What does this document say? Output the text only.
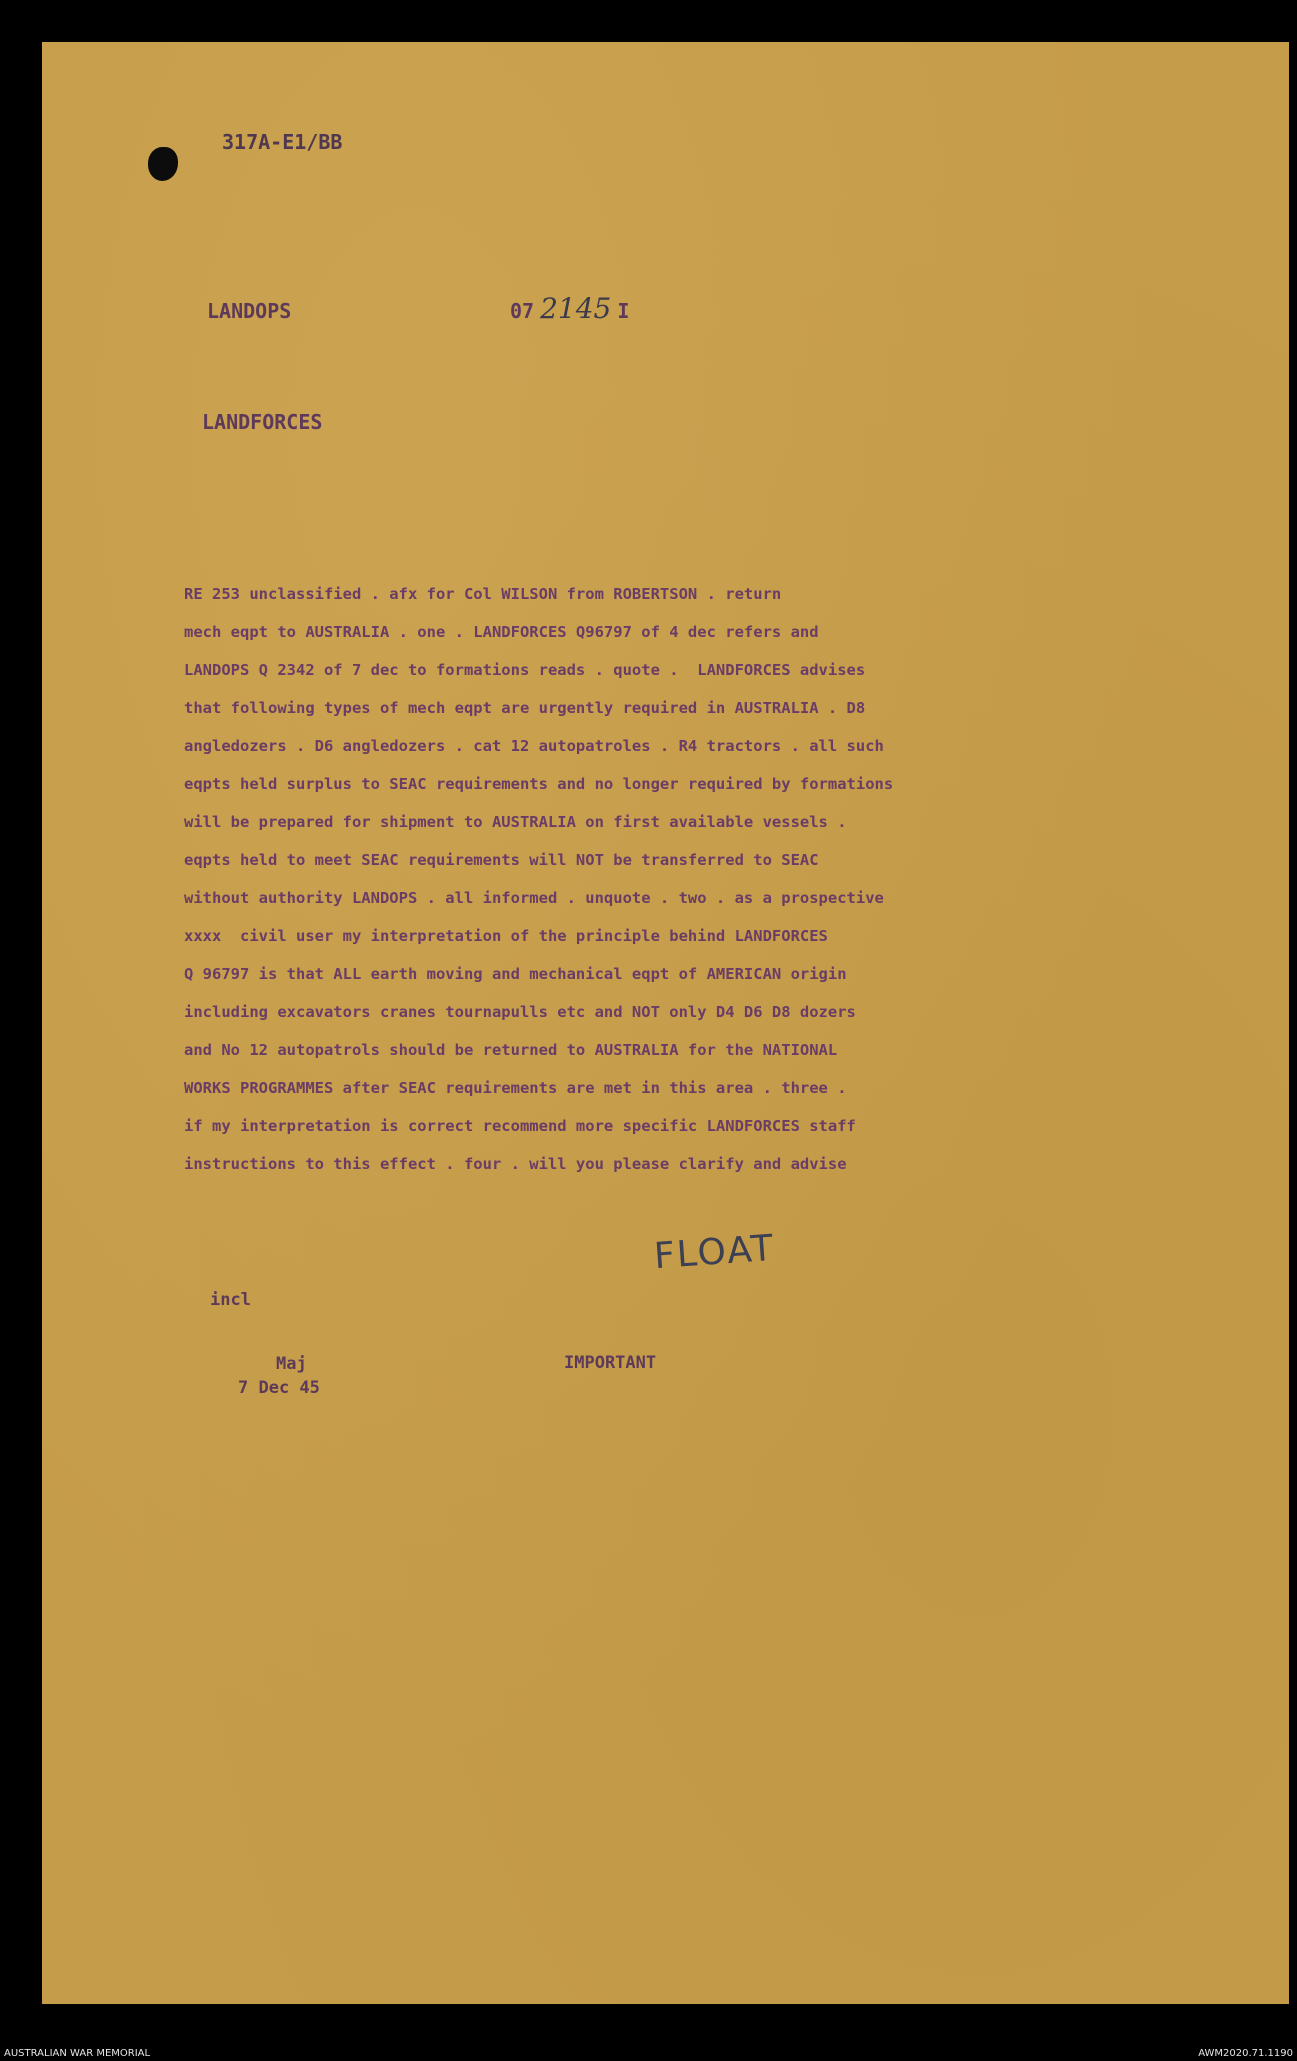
317A-E1/BB
LANDOPS	07 2145 I
LANDFORCES
RE 253 unclassified . afx for Col WILSON from ROBERTSON . return
mech eqpt to AUSTRALIA . one . LANDFORCES Q96797 of 4 dec refers and
LANDOPS Q 2342 of 7 dec to formations reads . quote .  LANDFORCES advises
that following types of mech eqpt are urgently required in AUSTRALIA . D8
angledozers . D6 angledozers . cat 12 autopatroles . R4 tractors . all such
eqpts held surplus to SEAC requirements and no longer required by formations
will be prepared for shipment to AUSTRALIA on first available vessels .
eqpts held to meet SEAC requirements will NOT be transferred to SEAC
without authority LANDOPS . all informed . unquote . two . as a prospective
xxxx  civil user my interpretation of the principle behind LANDFORCES
Q 96797 is that ALL earth moving and mechanical eqpt of AMERICAN origin
including excavators cranes tournapulls etc and NOT only D4 D6 D8 dozers
and No 12 autopatrols should be returned to AUSTRALIA for the NATIONAL
WORKS PROGRAMMES after SEAC requirements are met in this area . three .
if my interpretation is correct recommend more specific LANDFORCES staff
instructions to this effect . four . will you please clarify and advise
FLOAT
incl
Maj
7 Dec 45
IMPORTANT
AUSTRALIAN WAR MEMORIAL	AWM2020.71.1190
